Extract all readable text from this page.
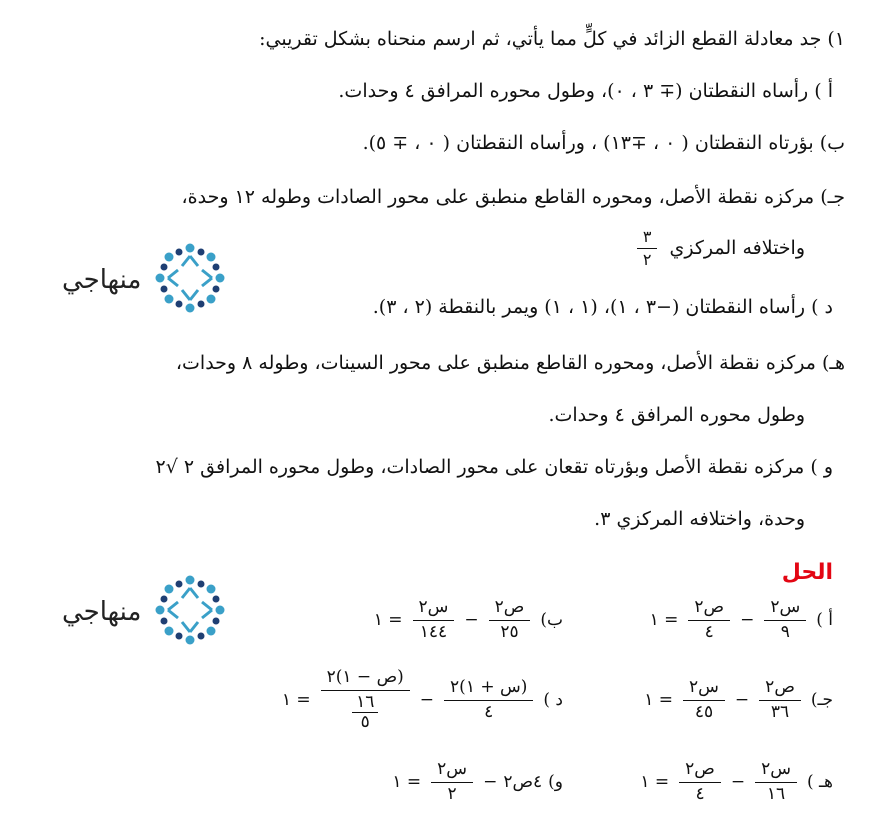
١) جد معادلة القطع الزائد في كلٍّ مما يأتي، ثم ارسم منحناه بشكل تقريبي:
أ ) رأساه النقطتان (∓ ٣ ، ٠)، وطول محوره المرافق ٤ وحدات.
ب) بؤرتاه النقطتان ( ٠ ، ∓١٣) ، ورأساه النقطتان ( ٠ ، ∓ ٥).
جـ) مركزه نقطة الأصل، ومحوره القاطع منطبق على محور الصادات وطوله ١٢ وحدة،
واختلافه المركزي
$\frac{٣}{٢}$
د ) رأساه النقطتان (−٣ ، ١)، (١ ، ١) ويمر بالنقطة (٢ ، ٣).
هـ) مركزه نقطة الأصل، ومحوره القاطع منطبق على محور السينات، وطوله ٨ وحدات،
وطول محوره المرافق ٤ وحدات.
و ) مركزه نقطة الأصل وبؤرتاه تقعان على محور الصادات، وطول محوره المرافق ٢ √٢
وحدة، واختلافه المركزي ٣.
منهاجي
منهاجي
الحل
أ )
$\frac{\text{س٢}}{٩}$
−
$\frac{\text{ص٢}}{٤}$
= ١
ب)
$\frac{\text{ص٢}}{٢٥}$
−
$\frac{\text{س٢}}{١٤٤}$
= ١
جـ)
$\frac{\text{ص٢}}{٣٦}$
−
$\frac{\text{س٢}}{٤٥}$
= ١
د )
$\frac{\text{(س + ١)٢}}{٤}$
−
$\frac{\text{(ص − ١)٢}}{\frac{١٦}{٥}}$
= ١
هـ )
$\frac{\text{س٢}}{١٦}$
−
$\frac{\text{ص٢}}{٤}$
= ١
و)
٤ص٢
−
$\frac{\text{س٢}}{٢}$
= ١
